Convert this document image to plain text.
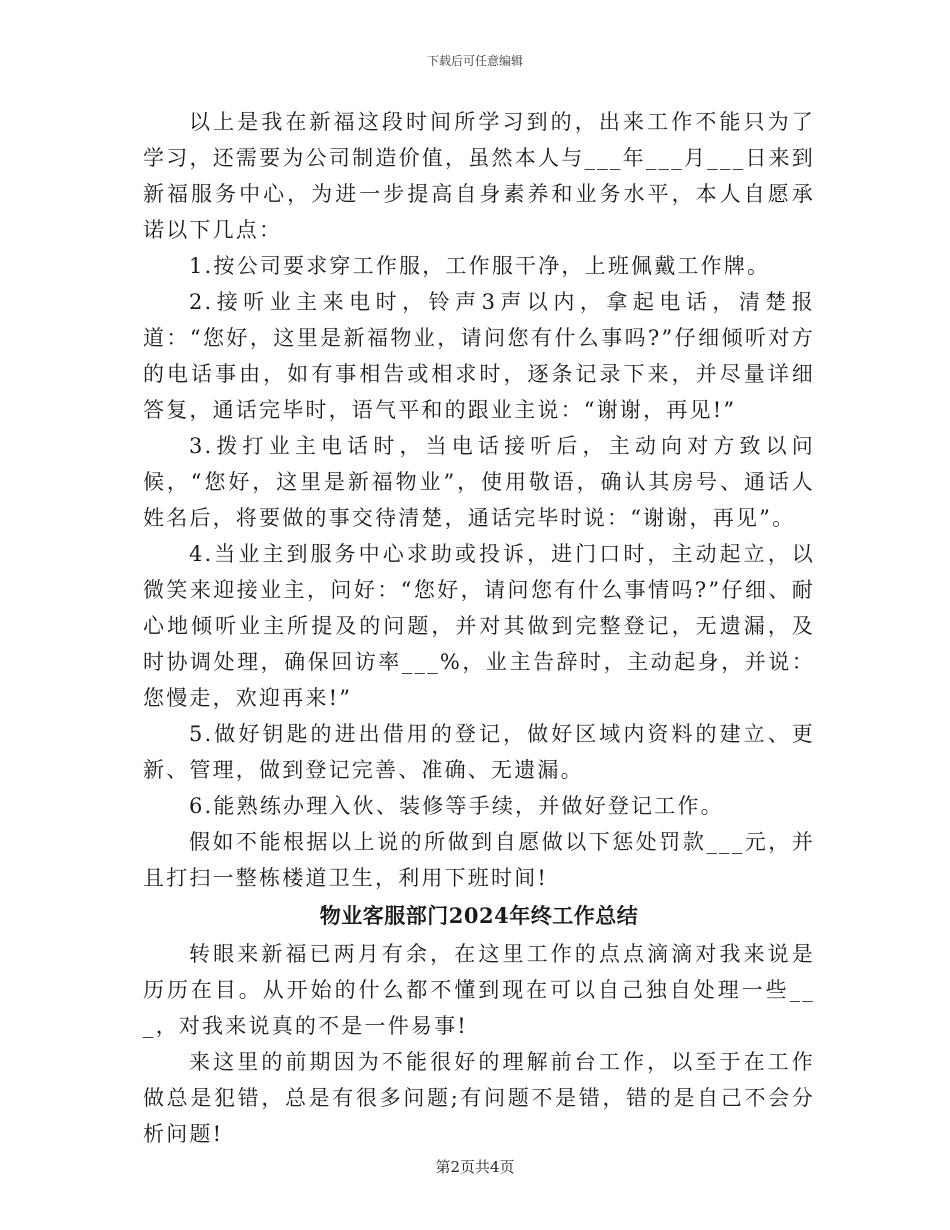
下载后可任意编辑

以上是我在新福这段时间所学习到的，出来工作不能只为了学习，还需要为公司制造价值，虽然本人与___年___月___日来到新福服务中心，为进一步提高自身素养和业务水平，本人自愿承诺以下几点：

1.按公司要求穿工作服，工作服干净，上班佩戴工作牌。

2.接听业主来电时，铃声3声以内，拿起电话，清楚报道：“您好，这里是新福物业，请问您有什么事吗?”仔细倾听对方的电话事由，如有事相告或相求时，逐条记录下来，并尽量详细答复，通话完毕时，语气平和的跟业主说：“谢谢，再见!”

3.拨打业主电话时，当电话接听后，主动向对方致以问候，“您好，这里是新福物业”，使用敬语，确认其房号、通话人姓名后，将要做的事交待清楚，通话完毕时说：“谢谢，再见”。

4.当业主到服务中心求助或投诉，进门口时，主动起立，以微笑来迎接业主，问好：“您好，请问您有什么事情吗?”仔细、耐心地倾听业主所提及的问题，并对其做到完整登记，无遗漏，及时协调处理，确保回访率___%，业主告辞时，主动起身，并说：您慢走，欢迎再来!”

5.做好钥匙的进出借用的登记，做好区域内资料的建立、更新、管理，做到登记完善、准确、无遗漏。

6.能熟练办理入伙、装修等手续，并做好登记工作。

假如不能根据以上说的所做到自愿做以下惩处罚款___元，并且打扫一整栋楼道卫生，利用下班时间!

物业客服部门2024年终工作总结

转眼来新福已两月有余，在这里工作的点点滴滴对我来说是历历在目。从开始的什么都不懂到现在可以自己独自处理一些___，对我来说真的不是一件易事!

来这里的前期因为不能很好的理解前台工作，以至于在工作做总是犯错，总是有很多问题;有问题不是错，错的是自己不会分析问题!

第2页共4页
